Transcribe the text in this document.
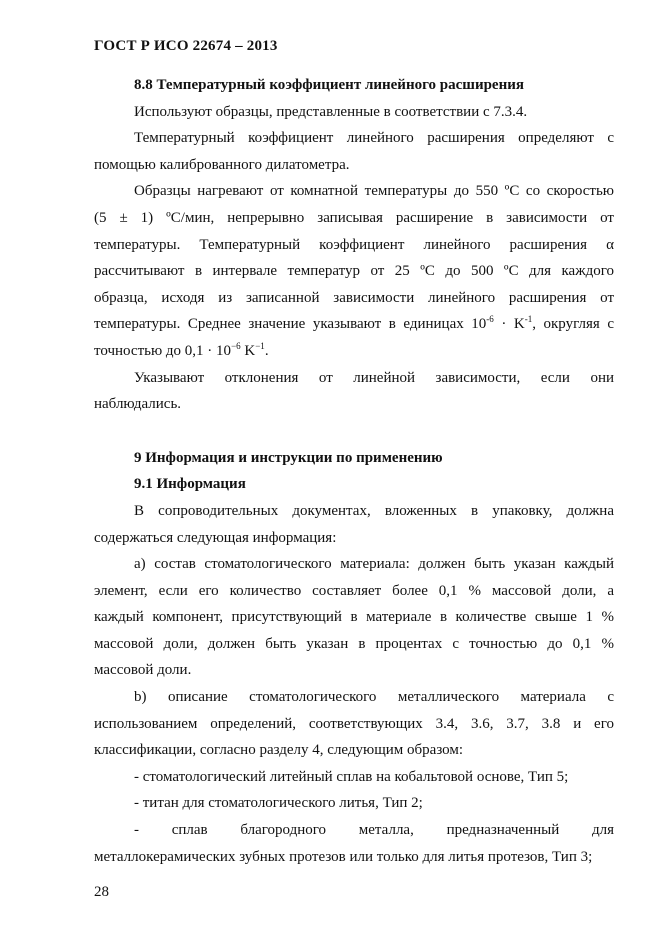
ГОСТ Р ИСО 22674 – 2013
8.8 Температурный коэффициент линейного расширения
Используют образцы, представленные в соответствии с 7.3.4.
Температурный коэффициент линейного расширения определяют с
помощью калиброванного дилатометра.
Образцы нагревают от комнатной температуры до 550 ºC со скоростью
(5 ± 1) ºC/мин, непрерывно записывая расширение в зависимости от
температуры. Температурный коэффициент линейного расширения α
рассчитывают в интервале температур от 25 ºC до 500 ºC для каждого
образца, исходя из записанной зависимости линейного расширения от
температуры. Среднее значение указывают в единицах $10^{-6} \cdot K^{-1}$, округляя с
точностью до $0,1 \cdot 10^{-6}$ $K^{-1}$.
Указывают отклонения от линейной зависимости, если они
наблюдались.
9 Информация и инструкции по применению
9.1 Информация
В сопроводительных документах, вложенных в упаковку, должна
содержаться следующая информация:
а) состав стоматологического материала: должен быть указан каждый
элемент, если его количество составляет более 0,1 % массовой доли, а
каждый компонент, присутствующий в материале в количестве свыше 1 %
массовой доли, должен быть указан в процентах с точностью до 0,1 %
массовой доли.
b) описание стоматологического металлического материала с
использованием определений, соответствующих 3.4, 3.6, 3.7, 3.8 и его
классификации, согласно разделу 4, следующим образом:
- стоматологический литейный сплав на кобальтовой основе, Тип 5;
- титан для стоматологического литья, Тип 2;
- сплав благородного металла, предназначенный для
металлокерамических зубных протезов или только для литья протезов, Тип 3;
28
